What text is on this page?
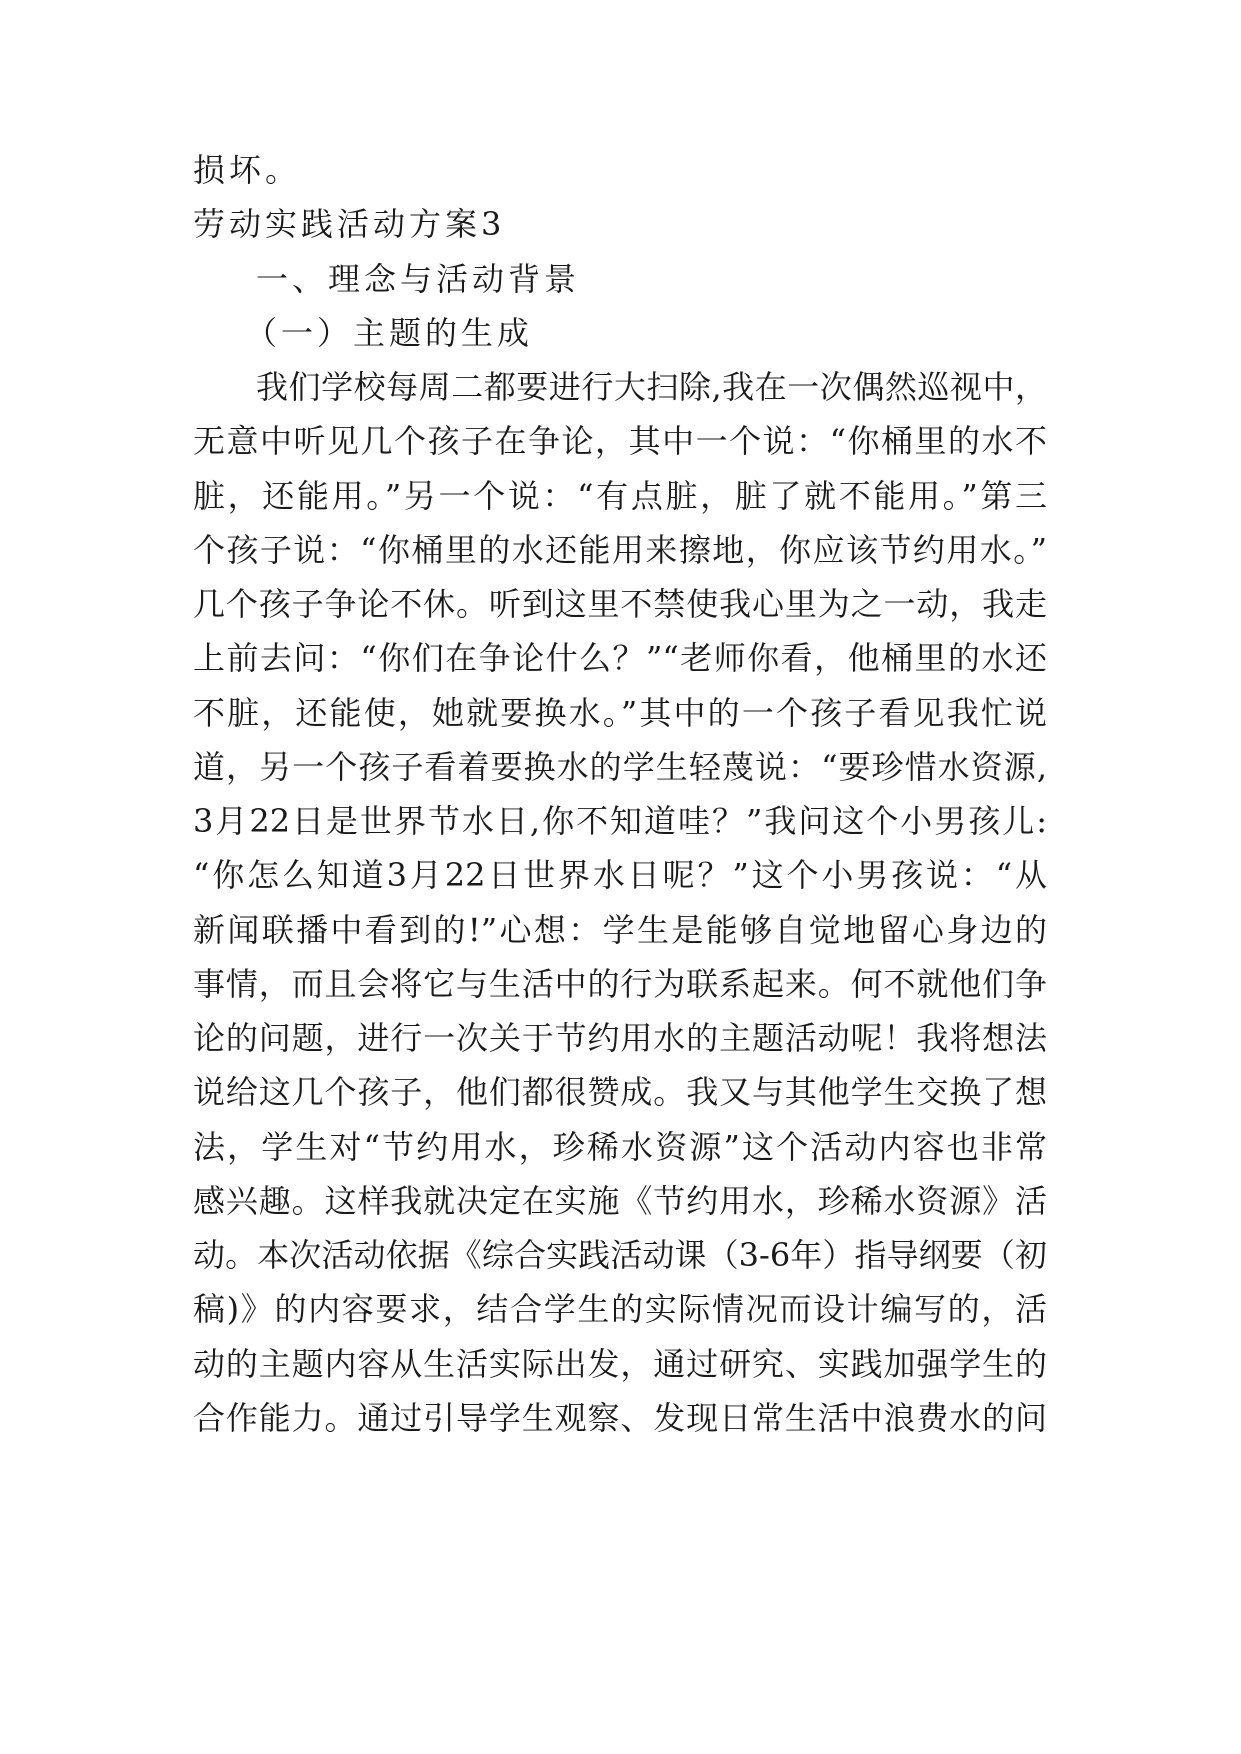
损坏。
劳动实践活动方案3
一、理念与活动背景
（一）主题的生成
我们学校每周二都要进行大扫除,我在一次偶然巡视中，
无意中听见几个孩子在争论，其中一个说：“你桶里的水不
脏，还能用。”另一个说：“有点脏，脏了就不能用。”第三
个孩子说：“你桶里的水还能用来擦地，你应该节约用水。”
几个孩子争论不休。听到这里不禁使我心里为之一动，我走
上前去问：“你们在争论什么？”“老师你看，他桶里的水还
不脏，还能使，她就要换水。”其中的一个孩子看见我忙说
道，另一个孩子看着要换水的学生轻蔑说：“要珍惜水资源,
3月22日是世界节水日,你不知道哇？”我问这个小男孩儿:
“你怎么知道3月22日世界水日呢？”这个小男孩说：“从
新闻联播中看到的!”心想：学生是能够自觉地留心身边的
事情，而且会将它与生活中的行为联系起来。何不就他们争
论的问题，进行一次关于节约用水的主题活动呢！我将想法
说给这几个孩子，他们都很赞成。我又与其他学生交换了想
法，学生对“节约用水，珍稀水资源”这个活动内容也非常
感兴趣。这样我就决定在实施《节约用水，珍稀水资源》活
动。本次活动依据《综合实践活动课（3-6年）指导纲要（初
稿)》的内容要求，结合学生的实际情况而设计编写的，活
动的主题内容从生活实际出发，通过研究、实践加强学生的
合作能力。通过引导学生观察、发现日常生活中浪费水的问
